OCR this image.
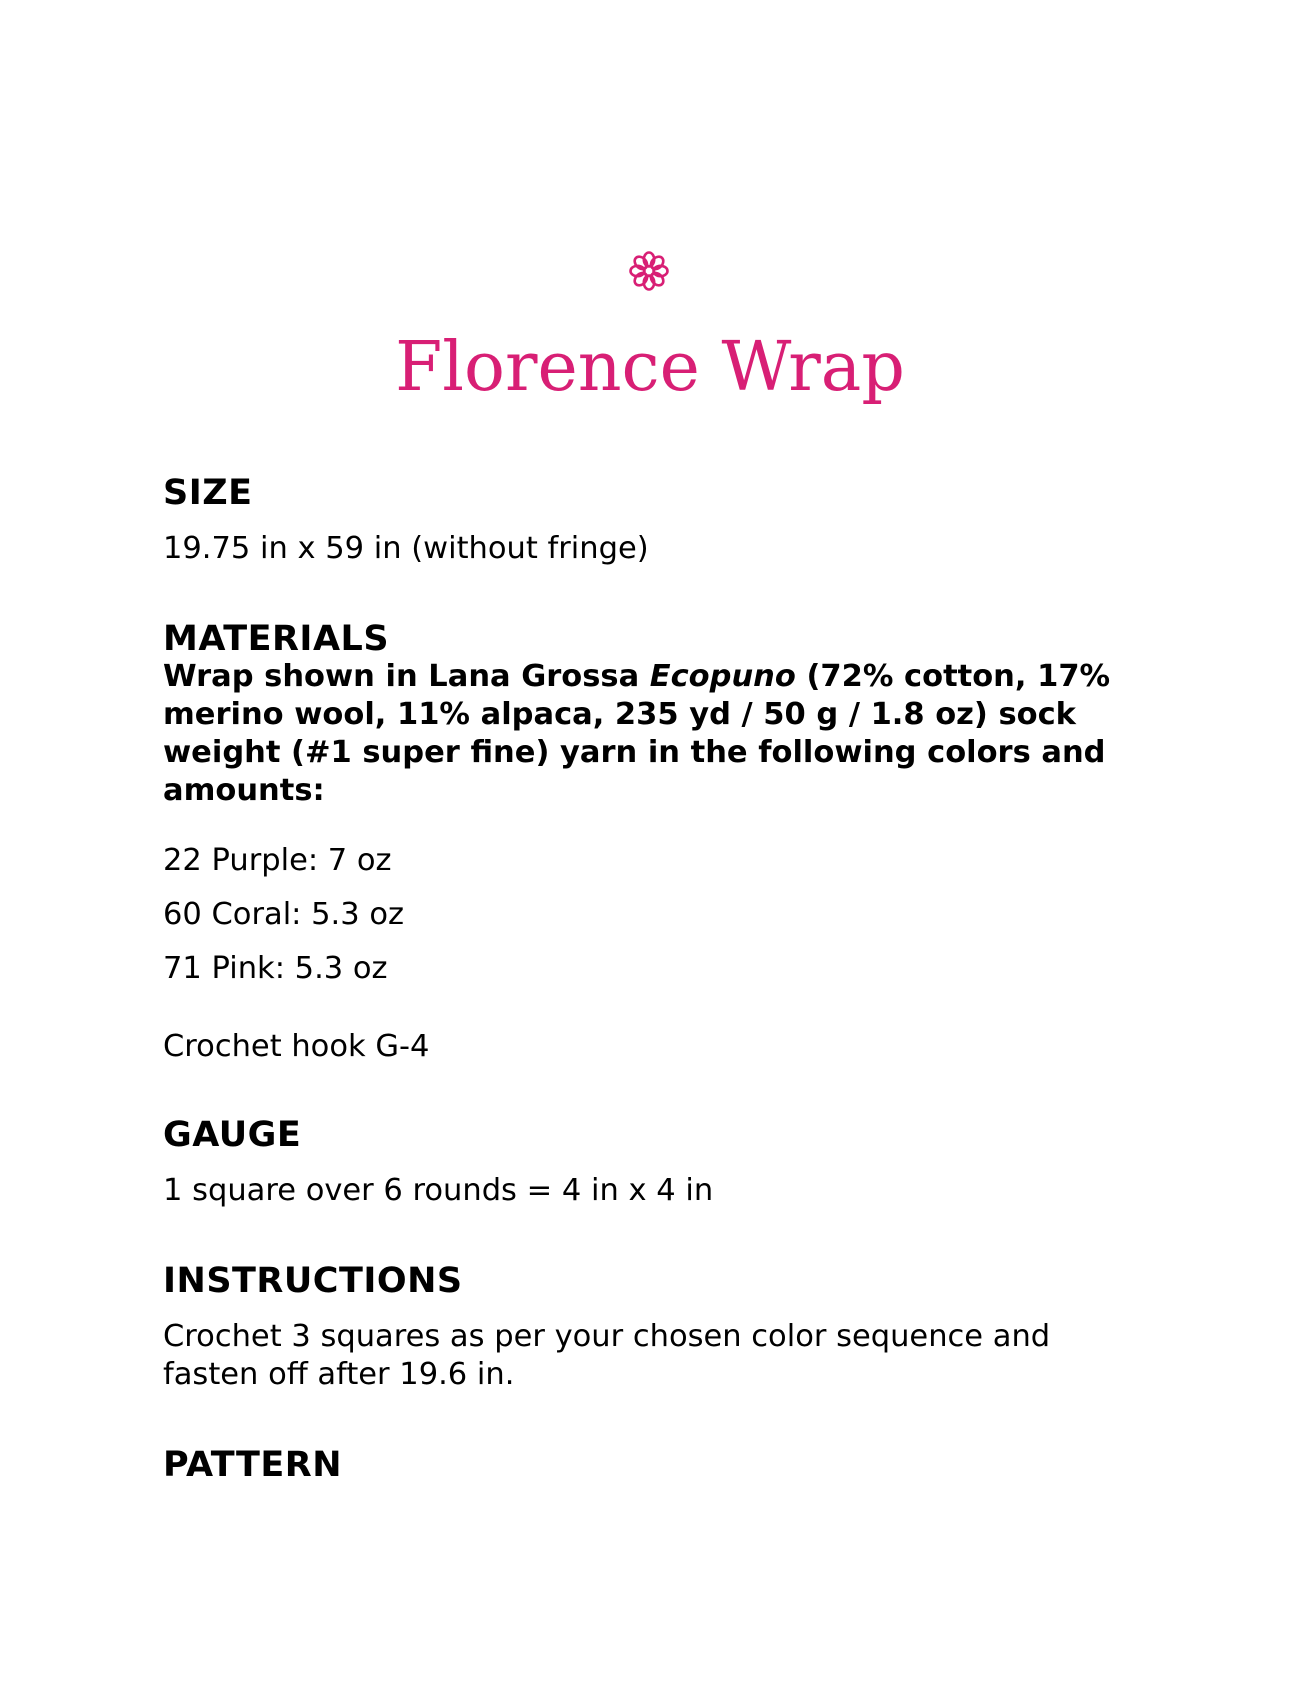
Florence Wrap
SIZE

19.75 in x 59 in (without fringe)

MATERIALS

Wrap shown in Lana Grossa Ecopuno (72% cotton, 17% merino wool, 11% alpaca, 235 yd / 50 g / 1.8 oz) sock weight (#1 super fine) yarn in the following colors and amounts:

22 Purple: 7 oz

60 Coral: 5.3 oz

71 Pink: 5.3 oz

Crochet hook G-4

GAUGE

1 square over 6 rounds = 4 in x 4 in

INSTRUCTIONS

Crochet 3 squares as per your chosen color sequence and fasten off after 19.6 in.

PATTERN
